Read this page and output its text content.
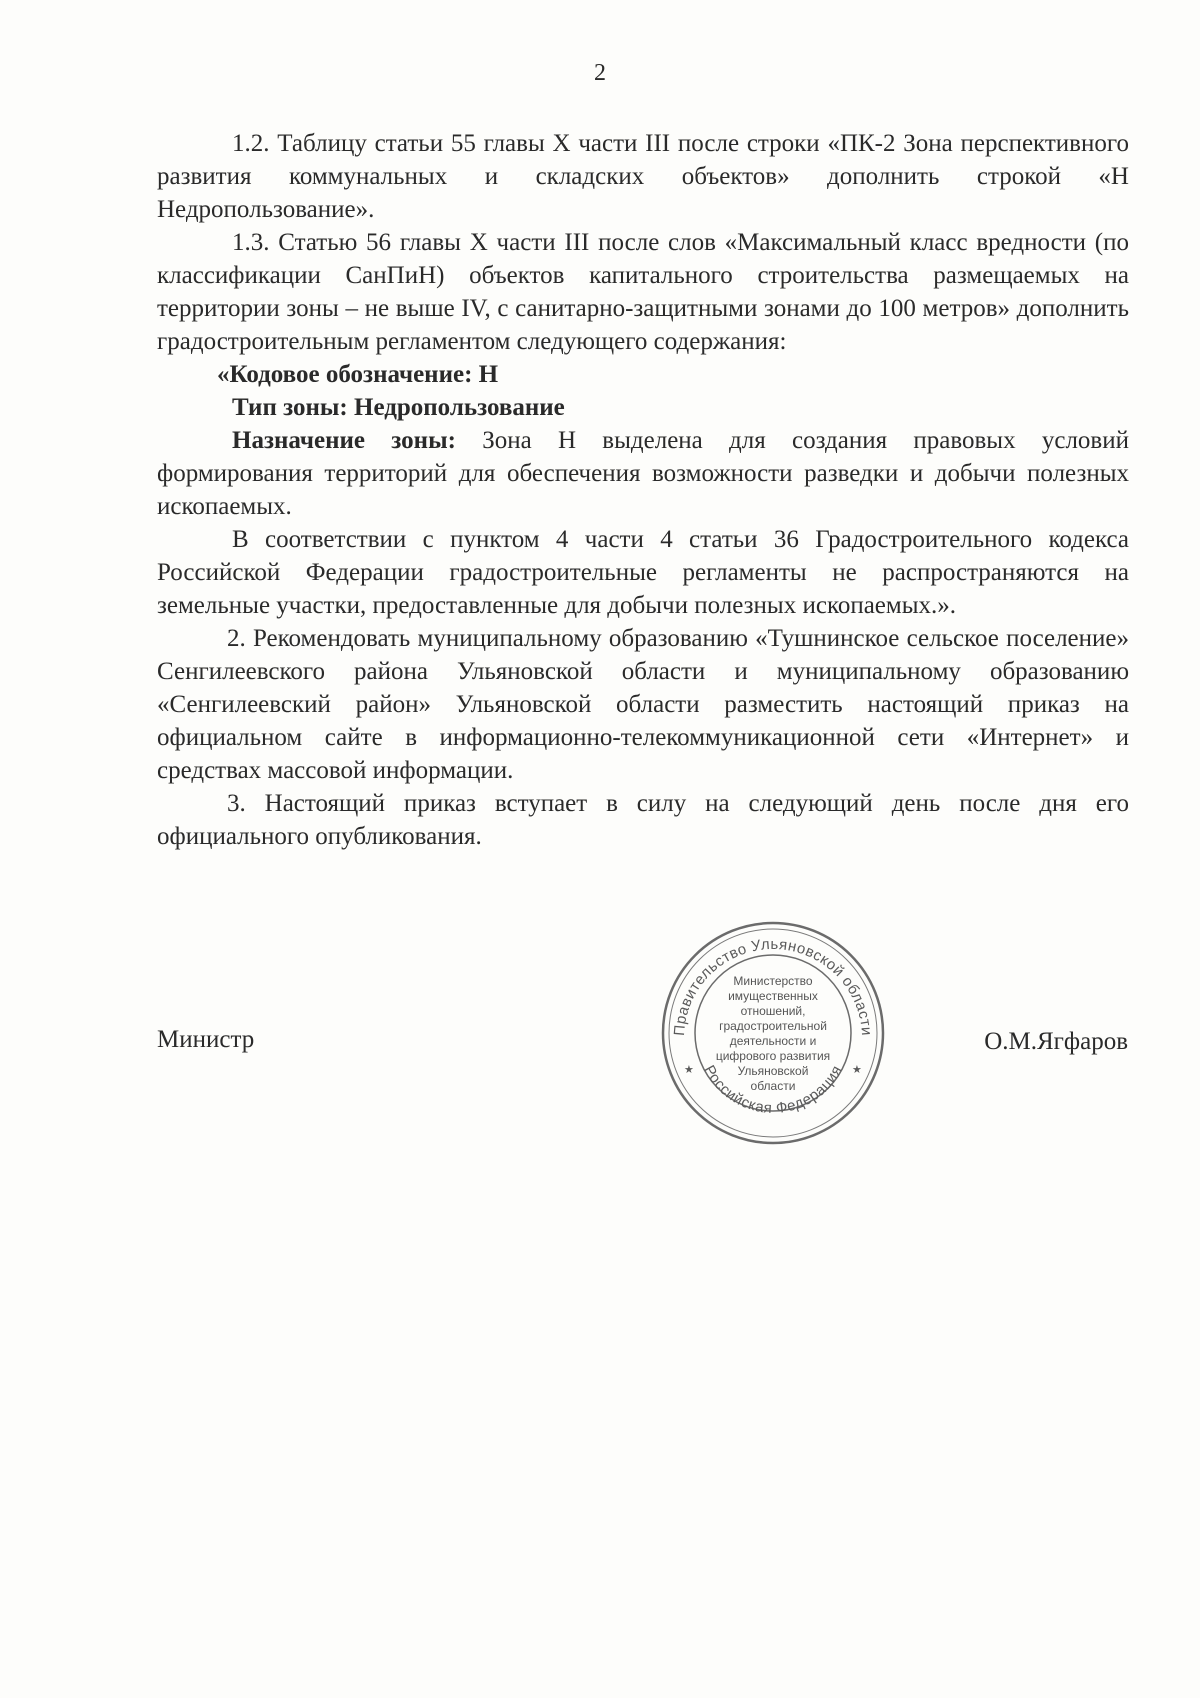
2

1.2. Таблицу статьи 55 главы X части III после строки «ПК-2 Зона перспективного развития коммунальных и складских объектов» дополнить строкой «Н Недропользование».

1.3. Статью 56 главы X части III после слов «Максимальный класс вредности (по классификации СанПиН) объектов капитального строительства размещаемых на территории зоны – не выше IV, с санитарно-защитными зонами до 100 метров» дополнить градостроительным регламентом следующего содержания:

«Кодовое обозначение: Н

Тип зоны: Недропользование

Назначение зоны: Зона Н выделена для создания правовых условий формирования территорий для обеспечения возможности разведки и добычи полезных ископаемых.

В соответствии с пунктом 4 части 4 статьи 36 Градостроительного кодекса Российской Федерации градостроительные регламенты не распространяются на земельные участки, предоставленные для добычи полезных ископаемых.».

2. Рекомендовать муниципальному образованию «Тушнинское сельское поселение» Сенгилеевского района Ульяновской области и муниципальному образованию «Сенгилеевский район» Ульяновской области разместить настоящий приказ на официальном сайте в информационно-телекоммуникационной сети «Интернет» и средствах массовой информации.

3. Настоящий приказ вступает в силу на следующий день после дня его официального опубликования.

Министр	Правительство Ульяновской области
Российская Федерация
★	★
Министерство
имущественных
отношений,
градостроительной
деятельности и
цифрового развития
Ульяновской
области
О.М.Ягфаров
